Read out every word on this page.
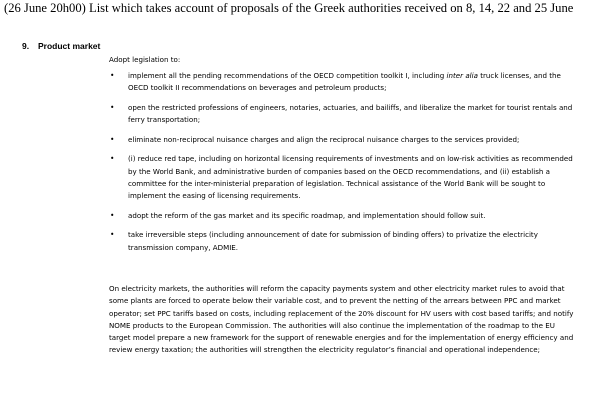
(26 June 20h00) List which takes account of proposals of the Greek authorities received on 8, 14, 22 and 25 June
9. Product market
Adopt legislation to:
• implement all the pending recommendations of the OECD competition toolkit I, including inter alia truck licenses, and the OECD toolkit II recommendations on beverages and petroleum products;
• open the restricted professions of engineers, notaries, actuaries, and bailiffs, and liberalize the market for tourist rentals and ferry transportation;
• eliminate non-reciprocal nuisance charges and align the reciprocal nuisance charges to the services provided;
• (i) reduce red tape, including on horizontal licensing requirements of investments and on low-risk activities as recommended by the World Bank, and administrative burden of companies based on the OECD recommendations, and (ii) establish a committee for the inter-ministerial preparation of legislation. Technical assistance of the World Bank will be sought to implement the easing of licensing requirements.
• adopt the reform of the gas market and its specific roadmap, and implementation should follow suit.
• take irreversible steps (including announcement of date for submission of binding offers) to privatize the electricity transmission company, ADMIE.

On electricity markets, the authorities will reform the capacity payments system and other electricity market rules to avoid that some plants are forced to operate below their variable cost, and to prevent the netting of the arrears between PPC and market operator; set PPC tariffs based on costs, including replacement of the 20% discount for HV users with cost based tariffs; and notify NOME products to the European Commission. The authorities will also continue the implementation of the roadmap to the EU target model prepare a new framework for the support of renewable energies and for the implementation of energy efficiency and review energy taxation; the authorities will strengthen the electricity regulator’s financial and operational independence;
